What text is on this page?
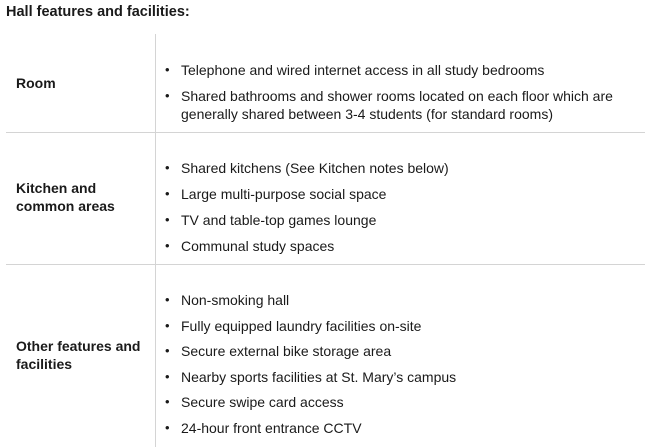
Hall features and facilities:
Room
• Telephone and wired internet access in all study bedrooms
• Shared bathrooms and shower rooms located on each floor which are generally shared between 3-4 students (for standard rooms)
Kitchen and common areas
• Shared kitchens (See Kitchen notes below)
• Large multi-purpose social space
• TV and table-top games lounge
• Communal study spaces
Other features and facilities
• Non-smoking hall
• Fully equipped laundry facilities on-site
• Secure external bike storage area
• Nearby sports facilities at St. Mary’s campus
• Secure swipe card access
• 24-hour front entrance CCTV
